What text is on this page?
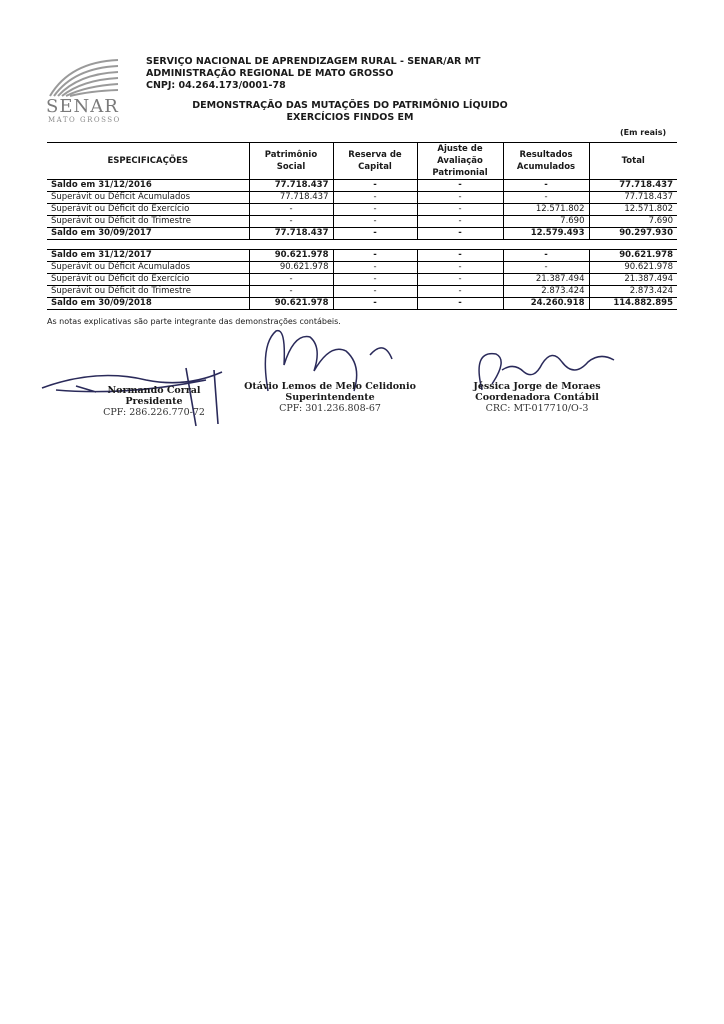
SENAR
MATO GROSSO
SERVIÇO NACIONAL DE APRENDIZAGEM RURAL - SENAR/AR MT
ADMINISTRAÇÃO REGIONAL DE MATO GROSSO
CNPJ: 04.264.173/0001-78
DEMONSTRAÇÃO DAS MUTAÇÕES DO PATRIMÔNIO LÍQUIDO
EXERCÍCIOS FINDOS EM
(Em reais)
ESPECIFICAÇÕES	Patrimônio Social	Reserva de Capital	Ajuste de Avaliação Patrimonial	Resultados Acumulados	Total
Saldo em 31/12/2016	77.718.437	-	-	-	77.718.437
Superávit ou Déficit Acumulados	77.718.437	-	-	-	77.718.437
Superávit ou Déficit do Exercício	-	-	-	12.571.802	12.571.802
Superávit ou Déficit do Trimestre	-	-	-	7.690	7.690
Saldo em 30/09/2017	77.718.437	-	-	12.579.493	90.297.930

Saldo em 31/12/2017	90.621.978	-	-	-	90.621.978
Superávit ou Déficit Acumulados	90.621.978	-	-	-	90.621.978
Superávit ou Déficit do Exercício	-	-	-	21.387.494	21.387.494
Superávit ou Déficit do Trimestre	-	-	-	2.873.424	2.873.424
Saldo em 30/09/2018	90.621.978	-	-	24.260.918	114.882.895
As notas explicativas são parte integrante das demonstrações contábeis.
Normando Corral
Presidente
CPF: 286.226.770-72
Otávio Lemos de Melo Celidonio
Superintendente
CPF: 301.236.808-67
Jéssica Jorge de Moraes
Coordenadora Contábil
CRC: MT-017710/O-3
